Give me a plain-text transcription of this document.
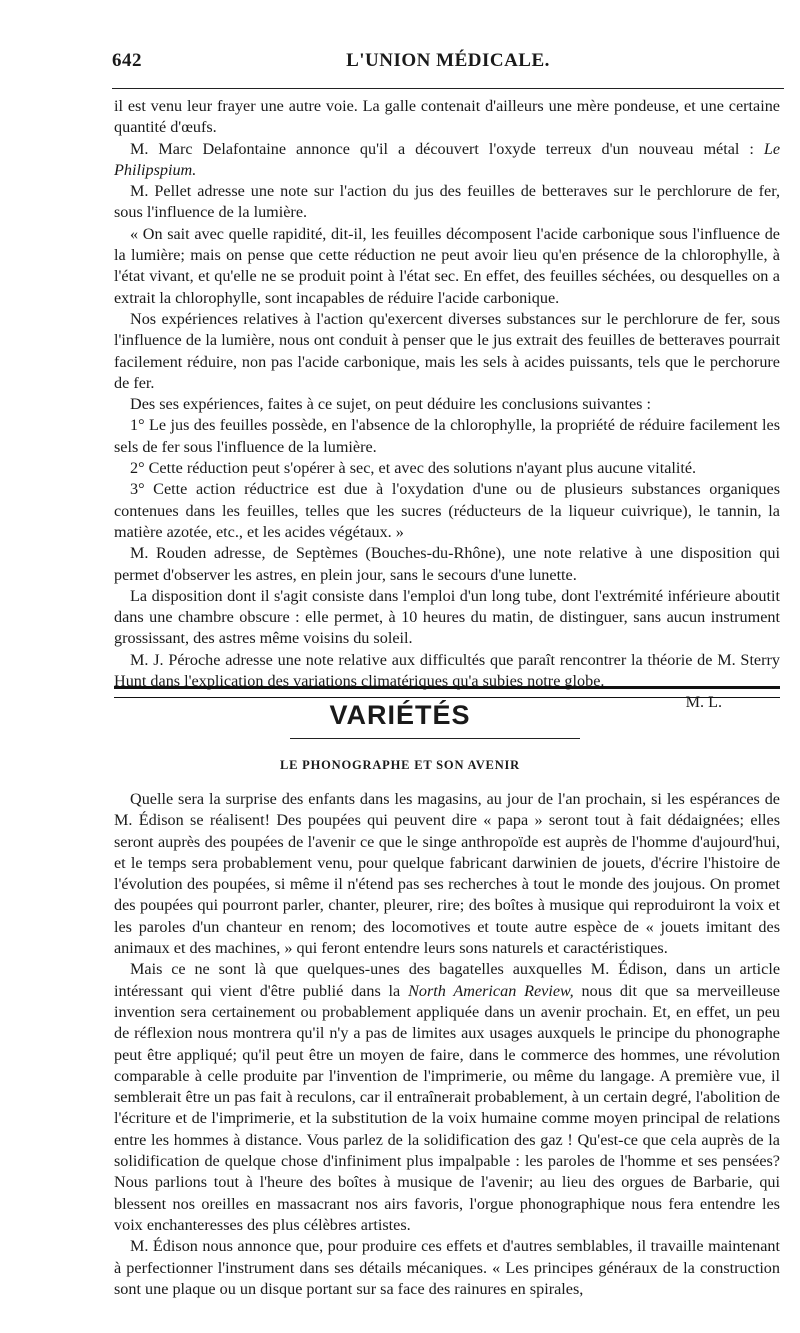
642	L'UNION MÉDICALE.

il est venu leur frayer une autre voie. La galle contenait d'ailleurs une mère pondeuse, et une certaine quantité d'œufs.

M. Marc Delafontaine annonce qu'il a découvert l'oxyde terreux d'un nouveau métal : Le Philipspium.

M. Pellet adresse une note sur l'action du jus des feuilles de betteraves sur le perchlorure de fer, sous l'influence de la lumière.

« On sait avec quelle rapidité, dit-il, les feuilles décomposent l'acide carbonique sous l'influence de la lumière; mais on pense que cette réduction ne peut avoir lieu qu'en présence de la chlorophylle, à l'état vivant, et qu'elle ne se produit point à l'état sec. En effet, des feuilles séchées, ou desquelles on a extrait la chlorophylle, sont incapables de réduire l'acide carbonique.

Nos expériences relatives à l'action qu'exercent diverses substances sur le perchlorure de fer, sous l'influence de la lumière, nous ont conduit à penser que le jus extrait des feuilles de betteraves pourrait facilement réduire, non pas l'acide carbonique, mais les sels à acides puissants, tels que le perchorure de fer.

Des ses expériences, faites à ce sujet, on peut déduire les conclusions suivantes :

1° Le jus des feuilles possède, en l'absence de la chlorophylle, la propriété de réduire facilement les sels de fer sous l'influence de la lumière.

2° Cette réduction peut s'opérer à sec, et avec des solutions n'ayant plus aucune vitalité.

3° Cette action réductrice est due à l'oxydation d'une ou de plusieurs substances organiques contenues dans les feuilles, telles que les sucres (réducteurs de la liqueur cuivrique), le tannin, la matière azotée, etc., et les acides végétaux. »

M. Rouden adresse, de Septèmes (Bouches-du-Rhône), une note relative à une disposition qui permet d'observer les astres, en plein jour, sans le secours d'une lunette.

La disposition dont il s'agit consiste dans l'emploi d'un long tube, dont l'extrémité inférieure aboutit dans une chambre obscure : elle permet, à 10 heures du matin, de distinguer, sans aucun instrument grossissant, des astres même voisins du soleil.

M. J. Péroche adresse une note relative aux difficultés que paraît rencontrer la théorie de M. Sterry Hunt dans l'explication des variations climatériques qu'a subies notre globe.

M. L.

VARIÉTÉS
LE PHONOGRAPHE ET SON AVENIR

Quelle sera la surprise des enfants dans les magasins, au jour de l'an prochain, si les espérances de M. Édison se réalisent! Des poupées qui peuvent dire « papa » seront tout à fait dédaignées; elles seront auprès des poupées de l'avenir ce que le singe anthropoïde est auprès de l'homme d'aujourd'hui, et le temps sera probablement venu, pour quelque fabricant darwinien de jouets, d'écrire l'histoire de l'évolution des poupées, si même il n'étend pas ses recherches à tout le monde des joujous. On promet des poupées qui pourront parler, chanter, pleurer, rire; des boîtes à musique qui reproduiront la voix et les paroles d'un chanteur en renom; des locomotives et toute autre espèce de « jouets imitant des animaux et des machines, » qui feront entendre leurs sons naturels et caractéristiques.

Mais ce ne sont là que quelques-unes des bagatelles auxquelles M. Édison, dans un article intéressant qui vient d'être publié dans la North American Review, nous dit que sa merveilleuse invention sera certainement ou probablement appliquée dans un avenir prochain. Et, en effet, un peu de réflexion nous montrera qu'il n'y a pas de limites aux usages auxquels le principe du phonographe peut être appliqué; qu'il peut être un moyen de faire, dans le commerce des hommes, une révolution comparable à celle produite par l'invention de l'imprimerie, ou même du langage. A première vue, il semblerait être un pas fait à reculons, car il entraînerait probablement, à un certain degré, l'abolition de l'écriture et de l'imprimerie, et la substitution de la voix humaine comme moyen principal de relations entre les hommes à distance. Vous parlez de la solidification des gaz ! Qu'est-ce que cela auprès de la solidification de quelque chose d'infiniment plus impalpable : les paroles de l'homme et ses pensées? Nous parlions tout à l'heure des boîtes à musique de l'avenir; au lieu des orgues de Barbarie, qui blessent nos oreilles en massacrant nos airs favoris, l'orgue phonographique nous fera entendre les voix enchanteresses des plus célèbres artistes.

M. Édison nous annonce que, pour produire ces effets et d'autres semblables, il travaille maintenant à perfectionner l'instrument dans ses détails mécaniques. « Les principes généraux de la construction sont une plaque ou un disque portant sur sa face des rainures en spirales,
